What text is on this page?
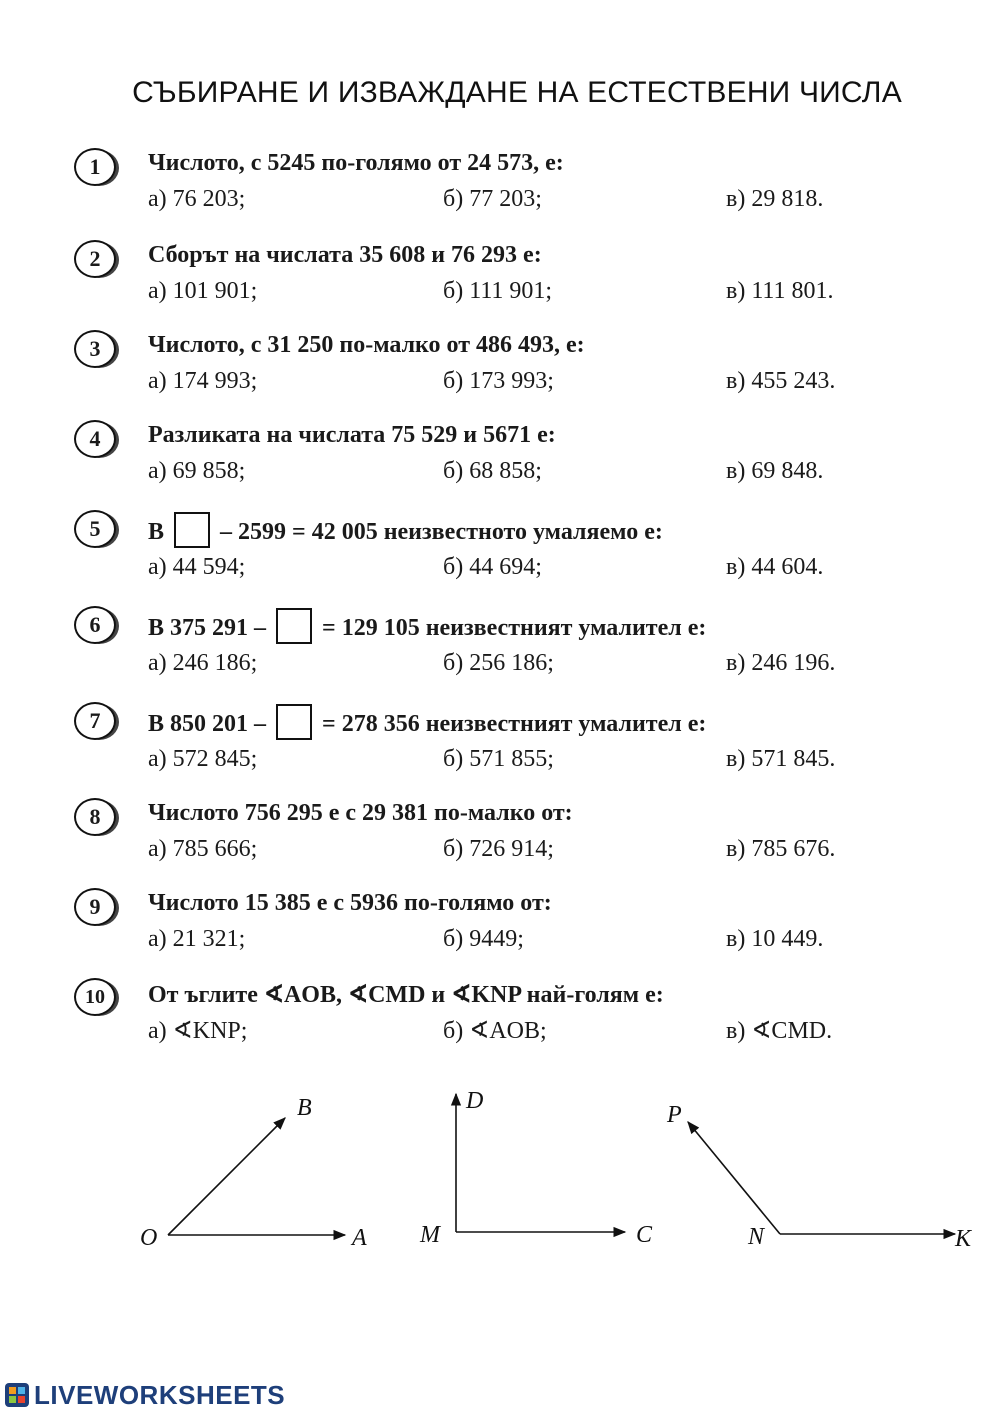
СЪБИРАНЕ И ИЗВАЖДАНЕ НА ЕСТЕСТВЕНИ ЧИСЛА
1	Числото, с 5245 по-голямо от 24 573, е:
а) 76 203;	б) 77 203;	в) 29 818.
2	Сборът на числата 35 608 и 76 293 е:
а) 101 901;	б) 111 901;	в) 111 801.
3	Числото, с 31 250 по-малко от 486 493, е:
а) 174 993;	б) 173 993;	в) 455 243.
4	Разликата на числата 75 529 и 5671 е:
а) 69 858;	б) 68 858;	в) 69 848.
5	В – 2599 = 42 005 неизвестното умаляемо е:
а) 44 594;	б) 44 694;	в) 44 604.
6	В 375 291 – = 129 105 неизвестният умалител е:
а) 246 186;	б) 256 186;	в) 246 196.
7	В 850 201 – = 278 356 неизвестният умалител е:
а) 572 845;	б) 571 855;	в) 571 845.
8	Числото 756 295 е с 29 381 по-малко от:
а) 785 666;	б) 726 914;	в) 785 676.
9	Числото 15 385 е с 5936 по-голямо от:
а) 21 321;	б) 9449;	в) 10 449.
10	От ъглите ∢AOB, ∢CMD и ∢KNP най-голям е:
а) ∢KNP;	б) ∢AOB;	в) ∢CMD.
O	A
B
M	C
D
N	K
P
LIVEWORKSHEETS
